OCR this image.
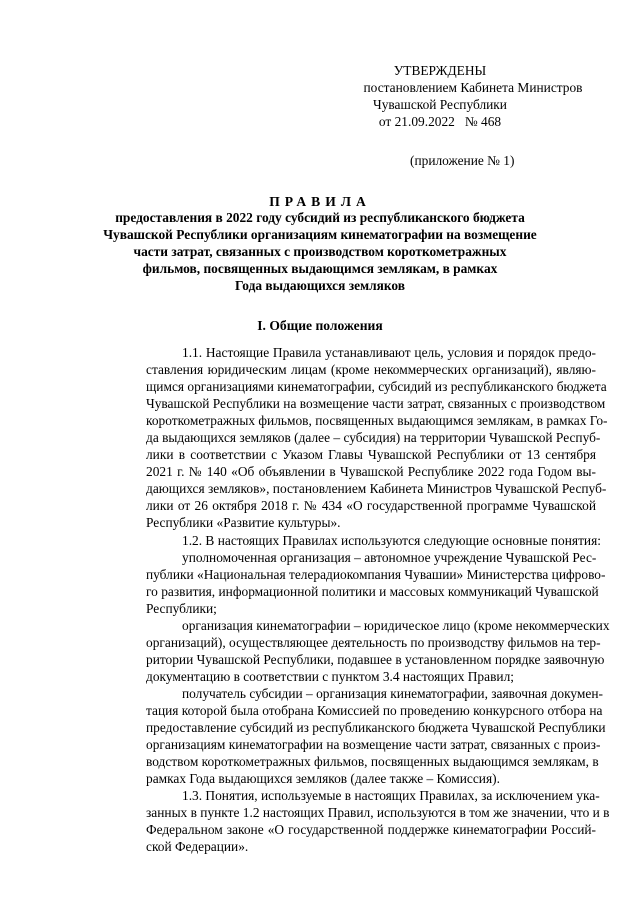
УТВЕРЖДЕНЫ
постановлением Кабинета Министров
Чувашской Республики
от 21.09.2022   № 468
(приложение № 1)
ПРАВИЛА
предоставления в 2022 году субсидий из республиканского бюджета
Чувашской Республики организациям кинематографии на возмещение
части затрат, связанных с производством короткометражных
фильмов, посвященных выдающимся землякам, в рамках
Года выдающихся земляков
I. Общие положения

1.1. Настоящие Правила устанавливают цель, условия и порядок предо-
ставления юридическим лицам (кроме некоммерческих организаций), являю-
щимся организациями кинематографии, субсидий из республиканского бюджета
Чувашской Республики на возмещение части затрат, связанных с производством
короткометражных фильмов, посвященных выдающимся землякам, в рамках Го-
да выдающихся земляков (далее – субсидия) на территории Чувашской Респуб-
лики в соответствии с Указом Главы Чувашской Республики от 13 сентября
2021 г. № 140 «Об объявлении в Чувашской Республике 2022 года Годом вы-
дающихся земляков», постановлением Кабинета Министров Чувашской Респуб-
лики от 26 октября 2018 г. № 434 «О государственной программе Чувашской
Республики «Развитие культуры».

1.2. В настоящих Правилах используются следующие основные понятия:

уполномоченная организация – автономное учреждение Чувашской Рес-
публики «Национальная телерадиокомпания Чувашии» Министерства цифрово-
го развития, информационной политики и массовых коммуникаций Чувашской
Республики;

организация кинематографии – юридическое лицо (кроме некоммерческих
организаций), осуществляющее деятельность по производству фильмов на тер-
ритории Чувашской Республики, подавшее в установленном порядке заявочную
документацию в соответствии с пунктом 3.4 настоящих Правил;

получатель субсидии – организация кинематографии, заявочная докумен-
тация которой была отобрана Комиссией по проведению конкурсного отбора на
предоставление субсидий из республиканского бюджета Чувашской Республики
организациям кинематографии на возмещение части затрат, связанных с произ-
водством короткометражных фильмов, посвященных выдающимся землякам, в
рамках Года выдающихся земляков (далее также – Комиссия).

1.3. Понятия, используемые в настоящих Правилах, за исключением ука-
занных в пункте 1.2 настоящих Правил, используются в том же значении, что и в
Федеральном законе «О государственной поддержке кинематографии Россий-
ской Федерации».
